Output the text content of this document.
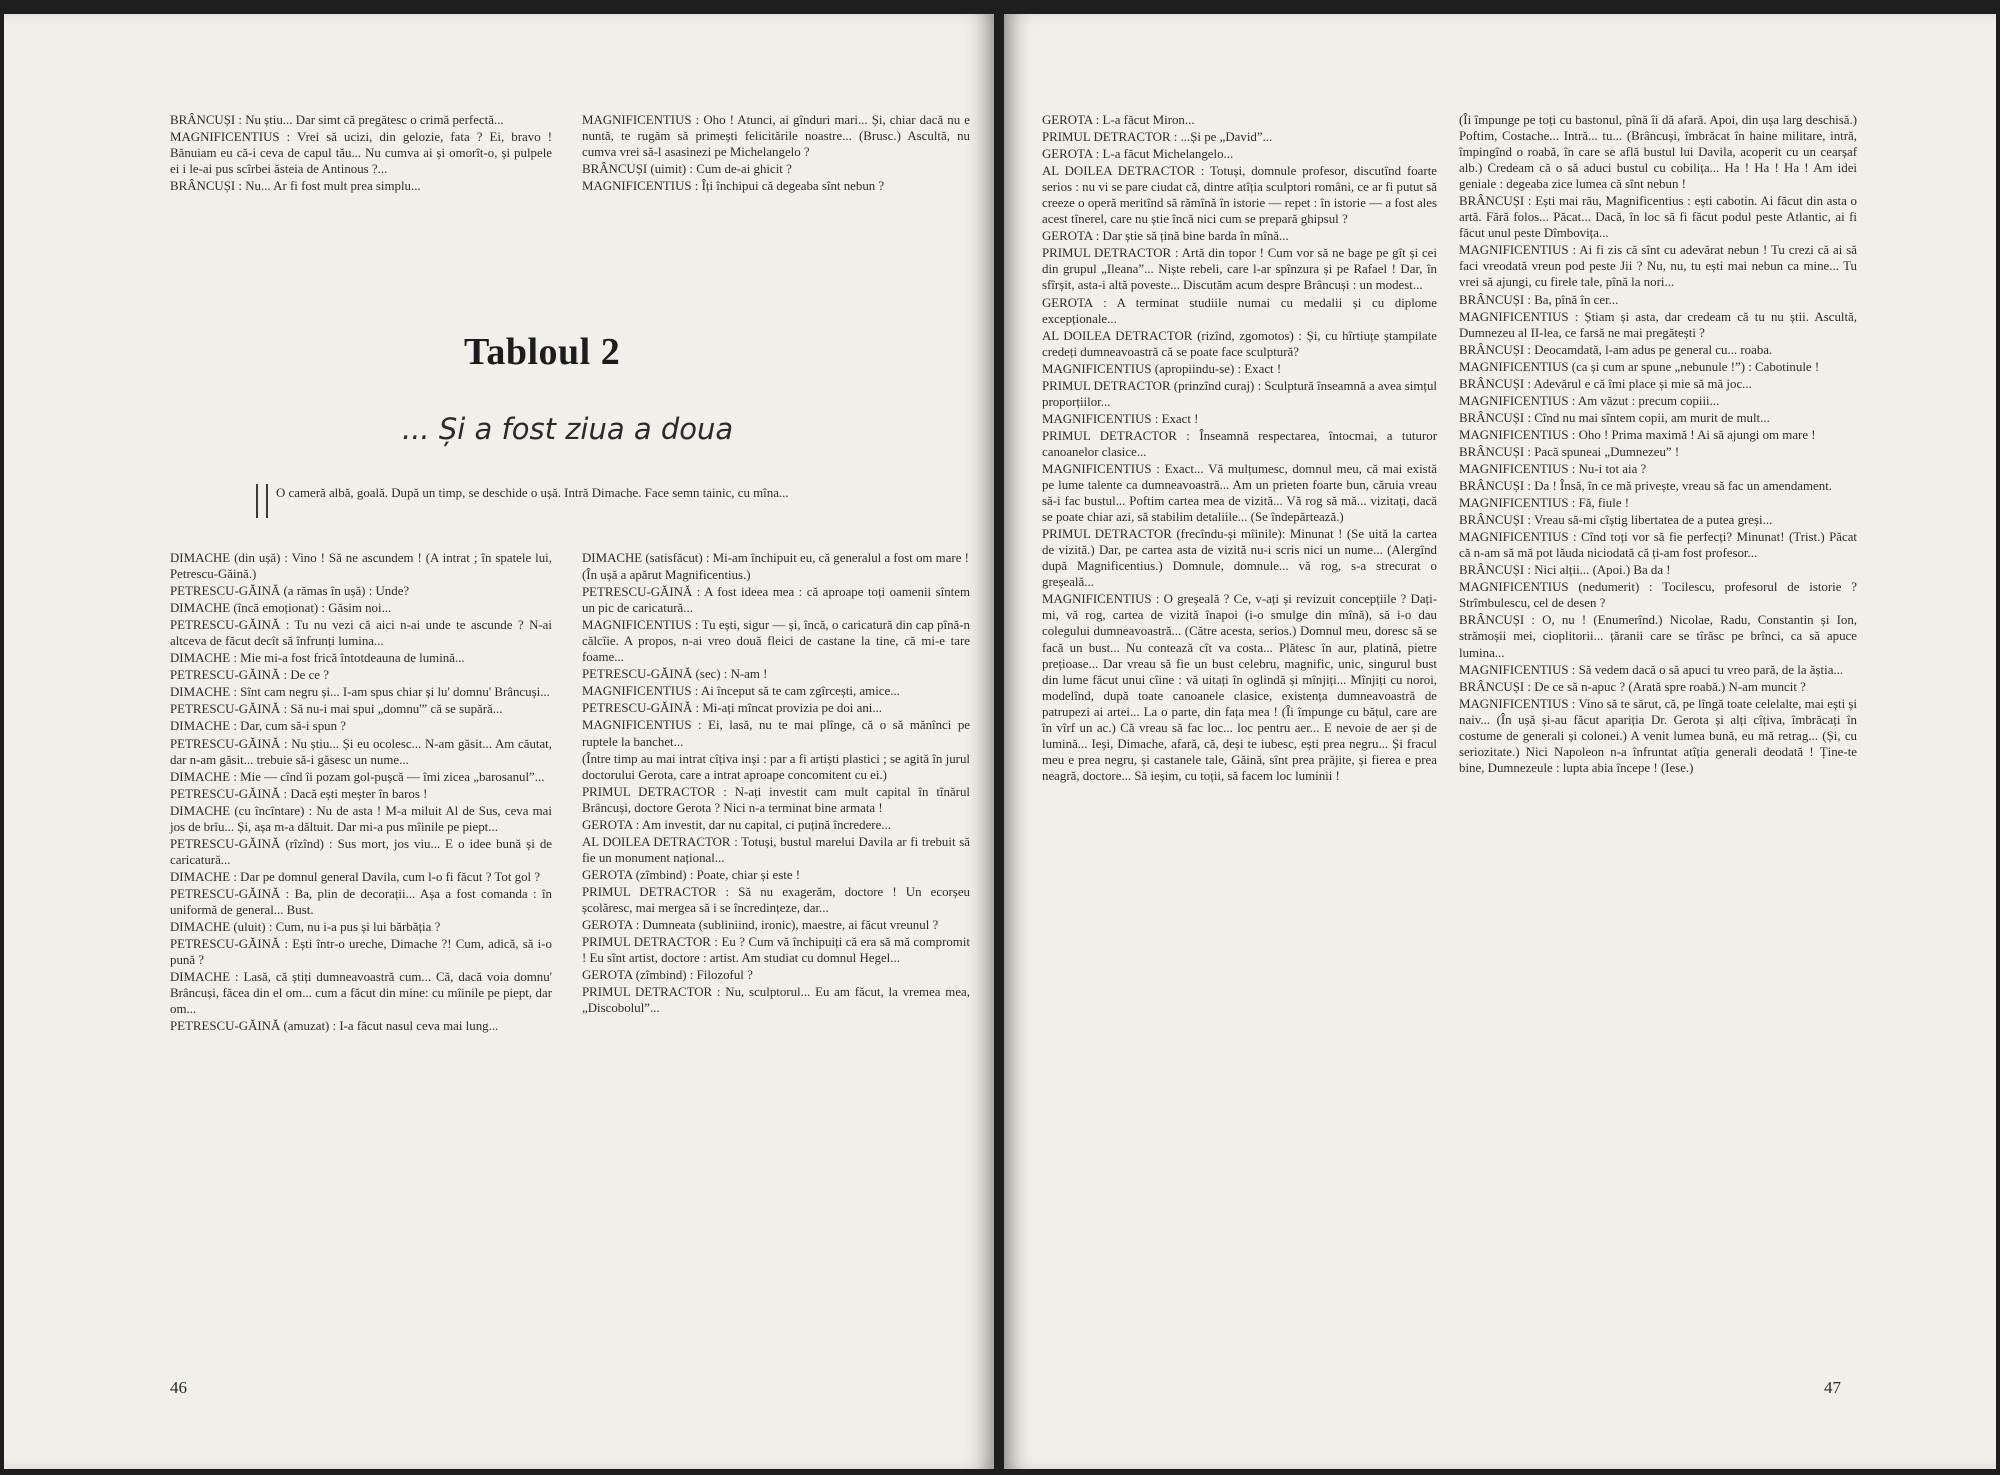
BRÂNCUȘI : Nu știu... Dar simt că pregătesc o crimă perfectă...

MAGNIFICENTIUS : Vrei să ucizi, din gelozie, fata ? Ei, bravo ! Bănuiam eu că-i ceva de capul tău... Nu cumva ai și omorît-o, și pulpele ei i le-ai pus scîrbei ăsteia de Antinous ?...

BRÂNCUȘI : Nu... Ar fi fost mult prea simplu...

MAGNIFICENTIUS : Oho ! Atunci, ai gînduri mari... Și, chiar dacă nu e nuntă, te rugăm să primești felicitările noastre... (Brusc.) Ascultă, nu cumva vrei să-l asasinezi pe Michelangelo ?

BRÂNCUȘI (uimit) : Cum de-ai ghicit ?

MAGNIFICENTIUS : Îți închipui că degeaba sînt nebun ?

Tabloul 2
... Și a fost ziua a doua
O cameră albă, goală. După un timp, se deschide o ușă. Intră Dimache. Face semn tainic, cu mîna...

DIMACHE (din ușă) : Vino ! Să ne ascundem ! (A intrat ; în spatele lui, Petrescu-Găină.)

PETRESCU-GĂINĂ (a rămas în ușă) : Unde?

DIMACHE (încă emoționat) : Găsim noi...

PETRESCU-GĂINĂ : Tu nu vezi că aici n-ai unde te ascunde ? N-ai altceva de făcut decît să înfrunți lumina...

DIMACHE : Mie mi-a fost frică întotdeauna de lumină...

PETRESCU-GĂINĂ : De ce ?

DIMACHE : Sînt cam negru și... I-am spus chiar și lu' domnu' Brâncuși...

PETRESCU-GĂINĂ : Să nu-i mai spui „domnu'” că se supără...

DIMACHE : Dar, cum să-i spun ?

PETRESCU-GĂINĂ : Nu știu... Și eu ocolesc... N-am găsit... Am căutat, dar n-am găsit... trebuie să-i găsesc un nume...

DIMACHE : Mie — cînd îi pozam gol-pușcă — îmi zicea „barosanul”...

PETRESCU-GĂINĂ : Dacă ești meșter în baros !

DIMACHE (cu încîntare) : Nu de asta ! M-a miluit Al de Sus, ceva mai jos de brîu... Și, așa m-a dăltuit. Dar mi-a pus mîinile pe piept...

PETRESCU-GĂINĂ (rîzînd) : Sus mort, jos viu... E o idee bună și de caricatură...

DIMACHE : Dar pe domnul general Davila, cum l-o fi făcut ? Tot gol ?

PETRESCU-GĂINĂ : Ba, plin de decorații... Așa a fost comanda : în uniformă de general... Bust.

DIMACHE (uluit) : Cum, nu i-a pus și lui bărbăția ?

PETRESCU-GĂINĂ : Ești într-o ureche, Dimache ?! Cum, adică, să i-o pună ?

DIMACHE : Lasă, că știți dumneavoastră cum... Că, dacă voia domnu' Brâncuși, făcea din el om... cum a făcut din mine: cu mîinile pe piept, dar om...

PETRESCU-GĂINĂ (amuzat) : I-a făcut nasul ceva mai lung...

DIMACHE (satisfăcut) : Mi-am închipuit eu, că generalul a fost om mare !

(În ușă a apărut Magnificentius.)

PETRESCU-GĂINĂ : A fost ideea mea : că aproape toți oamenii sîntem un pic de caricatură...

MAGNIFICENTIUS : Tu ești, sigur — și, încă, o caricatură din cap pînă-n călcîie. A propos, n-ai vreo două fleici de castane la tine, că mi-e tare foame...

PETRESCU-GĂINĂ (sec) : N-am !

MAGNIFICENTIUS : Ai început să te cam zgîrcești, amice...

PETRESCU-GĂINĂ : Mi-ați mîncat provizia pe doi ani...

MAGNIFICENTIUS : Ei, lasă, nu te mai plînge, că o să mănînci pe ruptele la banchet...

(Între timp au mai intrat cîțiva inși : par a fi artiști plastici ; se agită în jurul doctorului Gerota, care a intrat aproape concomitent cu ei.)

PRIMUL DETRACTOR : N-ați investit cam mult capital în tînărul Brâncuși, doctore Gerota ? Nici n-a terminat bine armata !

GEROTA : Am investit, dar nu capital, ci puțină încredere...

AL DOILEA DETRACTOR : Totuși, bustul marelui Davila ar fi trebuit să fie un monument național...

GEROTA (zîmbind) : Poate, chiar și este !

PRIMUL DETRACTOR : Să nu exagerăm, doctore ! Un ecorșeu școlăresc, mai mergea să i se încredințeze, dar...

GEROTA : Dumneata (subliniind, ironic), maestre, ai făcut vreunul ?

PRIMUL DETRACTOR : Eu ? Cum vă închipuiți că era să mă compromit ! Eu sînt artist, doctore : artist. Am studiat cu domnul Hegel...

GEROTA (zîmbind) : Filozoful ?

PRIMUL DETRACTOR : Nu, sculptorul... Eu am făcut, la vremea mea, „Discobolul”...

46

GEROTA : L-a făcut Miron...

PRIMUL DETRACTOR : ...Și pe „David”...

GEROTA : L-a făcut Michelangelo...

AL DOILEA DETRACTOR : Totuși, domnule profesor, discutînd foarte serios : nu vi se pare ciudat că, dintre atîția sculptori români, ce ar fi putut să creeze o operă meritînd să rămînă în istorie — repet : în istorie — a fost ales acest tînerel, care nu știe încă nici cum se prepară ghipsul ?

GEROTA : Dar știe să țină bine barda în mînă...

PRIMUL DETRACTOR : Artă din topor ! Cum vor să ne bage pe gît și cei din grupul „Ileana”... Niște rebeli, care l-ar spînzura și pe Rafael ! Dar, în sfîrșit, asta-i altă poveste... Discutăm acum despre Brâncuși : un modest...

GEROTA : A terminat studiile numai cu medalii și cu diplome excepționale...

AL DOILEA DETRACTOR (rizînd, zgomotos) : Și, cu hîrtiuțe ștampilate credeți dumneavoastră că se poate face sculptură?

MAGNIFICENTIUS (apropiindu-se) : Exact !

PRIMUL DETRACTOR (prinzînd curaj) : Sculptură înseamnă a avea simțul proporțiilor...

MAGNIFICENTIUS : Exact !

PRIMUL DETRACTOR : Înseamnă respectarea, întocmai, a tuturor canoanelor clasice...

MAGNIFICENTIUS : Exact... Vă mulțumesc, domnul meu, că mai există pe lume talente ca dumneavoastră... Am un prieten foarte bun, căruia vreau să-i fac bustul... Poftim cartea mea de vizită... Vă rog să mă... vizitați, dacă se poate chiar azi, să stabilim detaliile... (Se îndepărtează.)

PRIMUL DETRACTOR (frecîndu-și mîinile): Minunat ! (Se uită la cartea de vizită.) Dar, pe cartea asta de vizită nu-i scris nici un nume... (Alergînd după Magnificentius.) Domnule, domnule... vă rog, s-a strecurat o greșeală...

MAGNIFICENTIUS : O greșeală ? Ce, v-ați și revizuit concepțiile ? Dați-mi, vă rog, cartea de vizită înapoi (i-o smulge din mînă), să i-o dau colegului dumneavoastră... (Către acesta, serios.) Domnul meu, doresc să se facă un bust... Nu contează cît va costa... Plătesc în aur, platină, pietre prețioase... Dar vreau să fie un bust celebru, magnific, unic, singurul bust din lume făcut unui cîine : vă uitați în oglindă și mînjiți... Mînjiți cu noroi, modelînd, după toate canoanele clasice, existența dumneavoastră de patrupezi ai artei... La o parte, din fața mea ! (Îi împunge cu bățul, care are în vîrf un ac.) Că vreau să fac loc... loc pentru aer... E nevoie de aer și de lumină... Ieși, Dimache, afară, că, deși te iubesc, ești prea negru... Și fracul meu e prea negru, și castanele tale, Găină, sînt prea prăjite, și fierea e prea neagră, doctore... Să ieșim, cu toții, să facem loc luminii !

(Îi împunge pe toți cu bastonul, pînă îi dă afară. Apoi, din ușa larg deschisă.) Poftim, Costache... Intră... tu... (Brâncuși, îmbrăcat în haine militare, intră, împingînd o roabă, în care se află bustul lui Davila, acoperit cu un cearșaf alb.) Credeam că o să aduci bustul cu cobilița... Ha ! Ha ! Ha ! Am idei geniale : degeaba zice lumea că sînt nebun !

BRÂNCUȘI : Ești mai rău, Magnificentius : ești cabotin. Ai făcut din asta o artă. Fără folos... Păcat... Dacă, în loc să fi făcut podul peste Atlantic, ai fi făcut unul peste Dîmbovița...

MAGNIFICENTIUS : Ai fi zis că sînt cu adevărat nebun ! Tu crezi că ai să faci vreodată vreun pod peste Jii ? Nu, nu, tu ești mai nebun ca mine... Tu vrei să ajungi, cu firele tale, pînă la nori...

BRÂNCUȘI : Ba, pînă în cer...

MAGNIFICENTIUS : Știam și asta, dar credeam că tu nu știi. Ascultă, Dumnezeu al II-lea, ce farsă ne mai pregătești ?

BRÂNCUȘI : Deocamdată, l-am adus pe general cu... roaba.

MAGNIFICENTIUS (ca și cum ar spune „nebunule !”) : Cabotinule !

BRÂNCUȘI : Adevărul e că îmi place și mie să mă joc...

MAGNIFICENTIUS : Am văzut : precum copiii...

BRÂNCUȘI : Cînd nu mai sîntem copii, am murit de mult...

MAGNIFICENTIUS : Oho ! Prima maximă ! Ai să ajungi om mare !

BRÂNCUȘI : Pacă spuneai „Dumnezeu” !

MAGNIFICENTIUS : Nu-i tot aia ?

BRÂNCUȘI : Da ! Însă, în ce mă privește, vreau să fac un amendament.

MAGNIFICENTIUS : Fă, fiule !

BRÂNCUȘI : Vreau să-mi cîștig libertatea de a putea greși...

MAGNIFICENTIUS : Cînd toți vor să fie perfecți? Minunat! (Trist.) Păcat că n-am să mă pot lăuda niciodată că ți-am fost profesor...

BRÂNCUȘI : Nici alții... (Apoi.) Ba da !

MAGNIFICENTIUS (nedumerit) : Tocilescu, profesorul de istorie ? Strîmbulescu, cel de desen ?

BRÂNCUȘI : O, nu ! (Enumerînd.) Nicolae, Radu, Constantin și Ion, strămoșii mei, cioplitorii... țăranii care se tîrăsc pe brînci, ca să apuce lumina...

MAGNIFICENTIUS : Să vedem dacă o să apuci tu vreo pară, de la ăștia...

BRÂNCUȘI : De ce să n-apuc ? (Arată spre roabă.) N-am muncit ?

MAGNIFICENTIUS : Vino să te sărut, că, pe lîngă toate celelalte, mai ești și naiv... (În ușă și-au făcut apariția Dr. Gerota și alți cîțiva, îmbrăcați în costume de generali și colonei.) A venit lumea bună, eu mă retrag... (Și, cu seriozitate.) Nici Napoleon n-a înfruntat atîția generali deodată ! Ține-te bine, Dumnezeule : lupta abia începe ! (Iese.)

47
